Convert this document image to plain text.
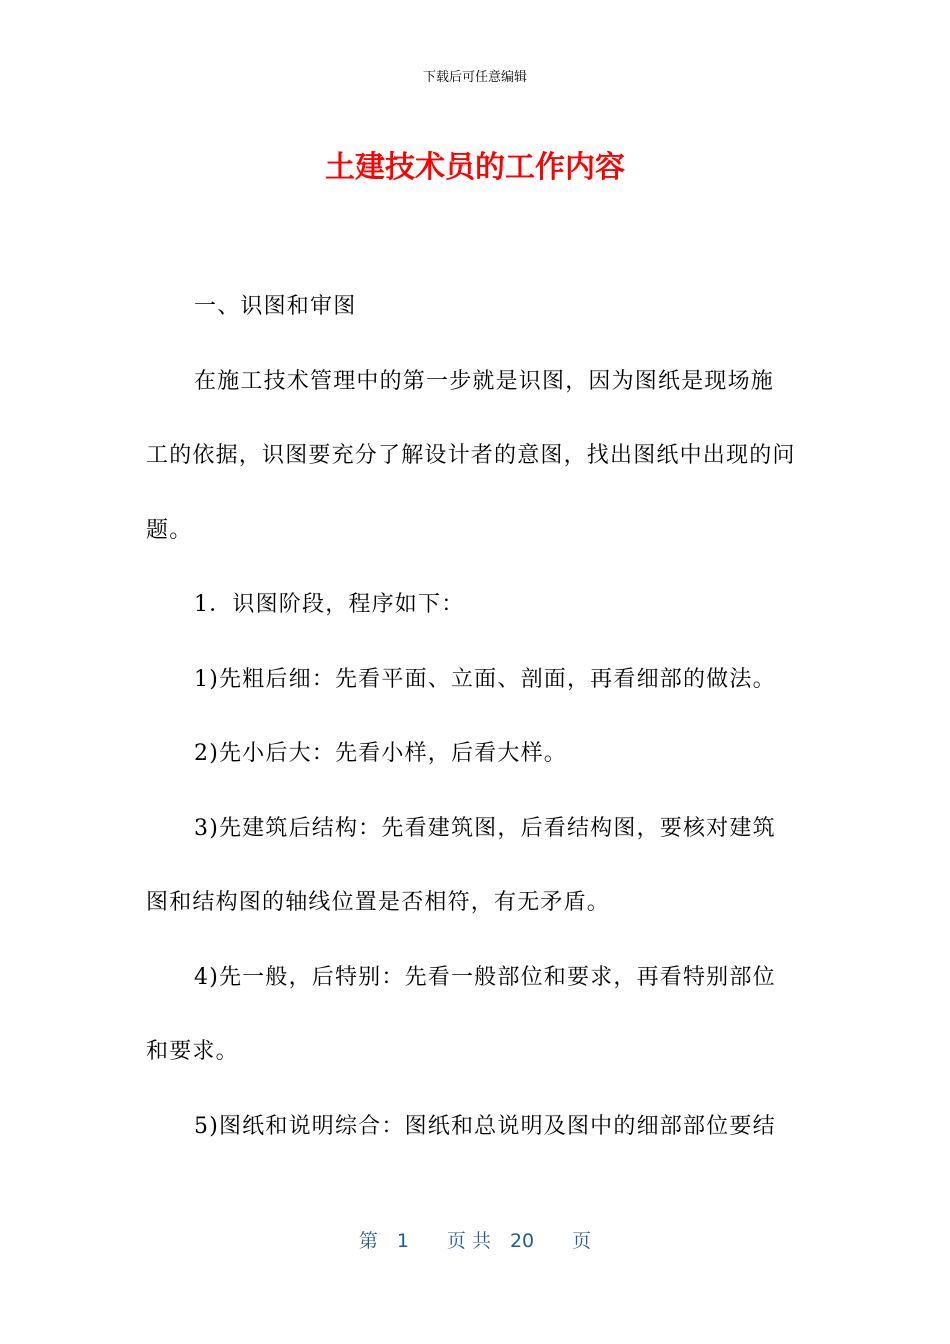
下载后可任意编辑
土建技术员的工作内容

一、识图和审图

在施工技术管理中的第一步就是识图，因为图纸是现场施工的依据，识图要充分了解设计者的意图，找出图纸中出现的问题。

1．识图阶段，程序如下：

1)先粗后细：先看平面、立面、剖面，再看细部的做法。

2)先小后大：先看小样，后看大样。

3)先建筑后结构：先看建筑图，后看结构图，要核对建筑图和结构图的轴线位置是否相符，有无矛盾。

4)先一般，后特别：先看一般部位和要求，再看特别部位和要求。

5)图纸和说明综合：图纸和总说明及图中的细部部位要结

第　1　　页 共　20　　页
